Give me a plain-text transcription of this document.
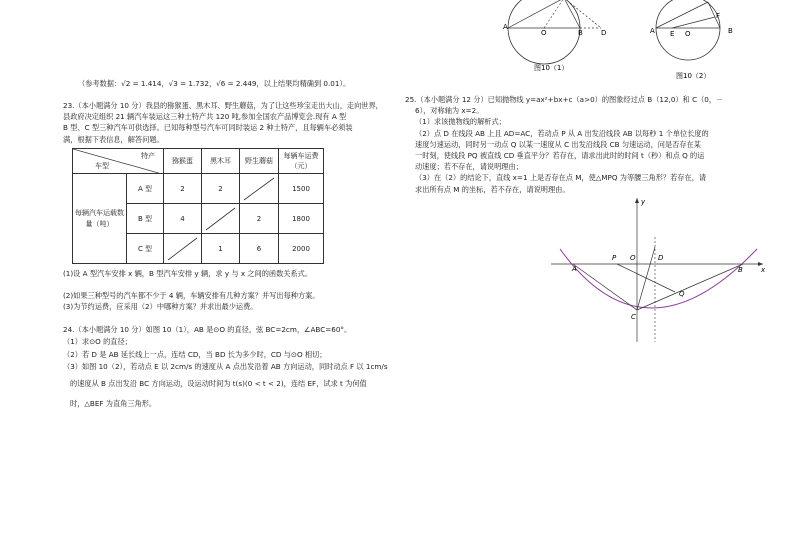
A
O	B	D
图10（1）
A E O	B
F
图10（2）
（参考数据：√2 = 1.414，√3 = 1.732，√6 = 2.449，以上结果均精确到 0.01）。
23.（本小题满分 10 分）我县的猕猴蛋、黑木耳、野生蘑菇，为了让这些珍宝走出大山，走向世界，
县政府决定组织 21 辆汽车装运这三种土特产共 120 吨,参加全国农产品博览会.现有 A 型
B 型、C 型三种汽车可供选择。已知每种型号汽车可同时装运 2 种土特产，且每辆车必须装
满，根据下表信息，解答问题。
特产
车型		猕猴蛋	黑木耳	野生蘑菇	每辆车运费（元）
每辆汽车运载数量（吨）	A 型	2	2		1500
	B 型	4		2	1800
	C 型		1	6	2000
(1)设 A 型汽车安排 x 辆，B 型汽车安排 y 辆，求 y 与 x 之间的函数关系式。
(2)如果三种型号的汽车都不少于 4 辆，车辆安排有几种方案？并写出每种方案。
(3)为节约运费，应采用（2）中哪种方案？并求出最少运费。
24.（本小题满分 10 分）如图 10（1），AB 是⊙O 的直径，弦 BC=2cm，∠ABC=60°。
（1）求⊙O 的直径；
（2）若 D 是 AB 延长线上一点，连结 CD，当 BD 长为多少时，CD 与⊙O 相切；
（3）如图 10（2），若动点 E 以 2cm/s 的速度从 A 点出发沿着 AB 方向运动，同时动点 F 以 1cm/s
的速度从 B 点出发沿 BC 方向运动，设运动时间为 t(s)(0 < t < 2)，连结 EF，试求 t 为何值
时，△BEF 为直角三角形。
25.（本小题满分 12 分）已知抛物线 y=ax²+bx+c（a>0）的图象经过点 B（12,0）和 C（0，－
6），对称轴为 x=2。
（1）求该抛物线的解析式；
（2）点 D 在线段 AB 上且 AD=AC，若动点 P 从 A 出发沿线段 AB 以每秒 1 个单位长度的
速度匀速运动，同时另一动点 Q 以某一速度从 C 出发沿线段 CB 匀速运动，问是否存在某
一时刻，使线段 PQ 被直线 CD 垂直平分？若存在，请求出此时的时间 t（秒）和点 Q 的运
动速度；若不存在，请说明理由；
（3）在（2）的结论下，直线 x=1 上是否存在点 M，使△MPQ 为等腰三角形？若存在，请
求出所有点 M 的坐标，若不存在，请说明理由。
y
x
A
P O	D
B
Q
C
